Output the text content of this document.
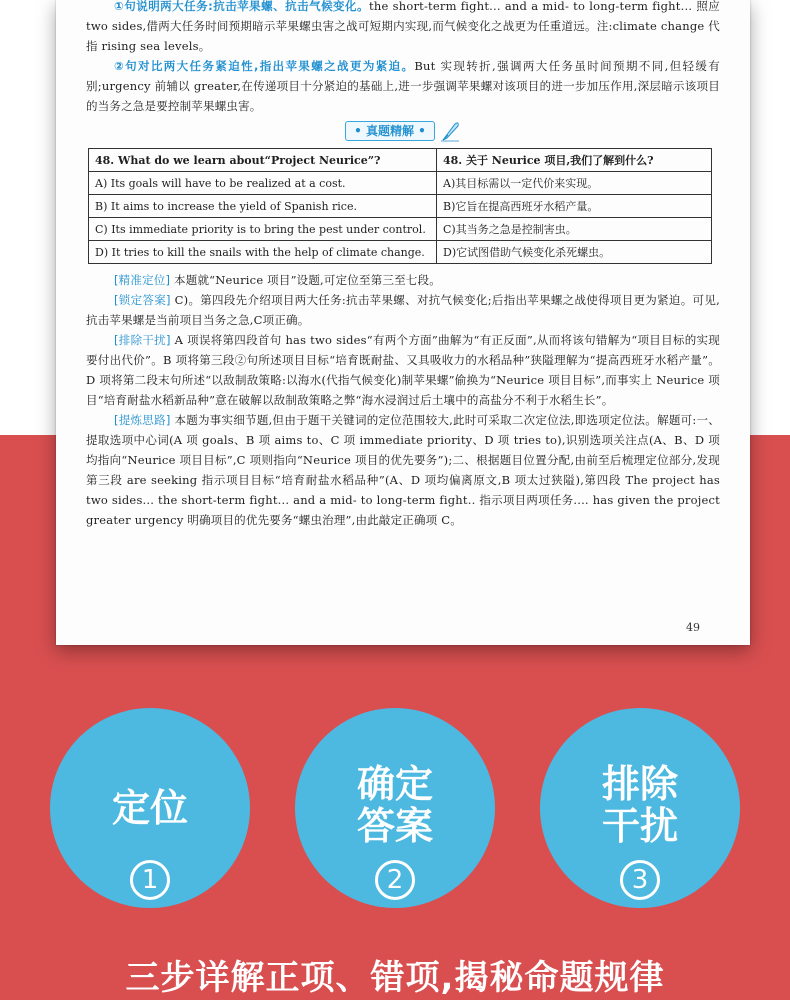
①句说明两大任务:抗击苹果螺、抗击气候变化。the short-term fight... and a mid- to long-term fight... 照应 two sides,借两大任务时间预期暗示苹果螺虫害之战可短期内实现,而气候变化之战更为任重道远。注:climate change 代指 rising sea levels。

②句对比两大任务紧迫性,指出苹果螺之战更为紧迫。But 实现转折,强调两大任务虽时间预期不同,但轻缓有别;urgency 前辅以 greater,在传递项目十分紧迫的基础上,进一步强调苹果螺对该项目的进一步加压作用,深层暗示该项目的当务之急是要控制苹果螺虫害。

• 真题精解 •
48. What do we learn about“Project Neurice”?	48. 关于 Neurice 项目,我们了解到什么?
A) Its goals will have to be realized at a cost.	A)其目标需以一定代价来实现。
B) It aims to increase the yield of Spanish rice.	B)它旨在提高西班牙水稻产量。
C) Its immediate priority is to bring the pest under control.	C)其当务之急是控制害虫。
D) It tries to kill the snails with the help of climate change.	D)它试图借助气候变化杀死螺虫。

[精准定位] 本题就“Neurice 项目”设题,可定位至第三至七段。

[锁定答案] C)。第四段先介绍项目两大任务:抗击苹果螺、对抗气候变化;后指出苹果螺之战使得项目更为紧迫。可见,抗击苹果螺是当前项目当务之急,C项正确。

[排除干扰] A 项误将第四段首句 has two sides“有两个方面”曲解为“有正反面”,从而将该句错解为“项目目标的实现要付出代价”。B 项将第三段②句所述项目目标“培育既耐盐、又具吸收力的水稻品种”狭隘理解为“提高西班牙水稻产量”。D 项将第二段末句所述“以敌制敌策略:以海水(代指气候变化)制苹果螺”偷换为“Neurice 项目目标”,而事实上 Neurice 项目“培育耐盐水稻新品种”意在破解以敌制敌策略之弊“海水浸润过后土壤中的高盐分不利于水稻生长”。

[提炼思路] 本题为事实细节题,但由于题干关键词的定位范围较大,此时可采取二次定位法,即选项定位法。解题可:一、提取选项中心词(A 项 goals、B 项 aims to、C 项 immediate priority、D 项 tries to),识别选项关注点(A、B、D 项均指向“Neurice 项目目标”,C 项则指向“Neurice 项目的优先要务”);二、根据题目位置分配,由前至后梳理定位部分,发现第三段 are seeking 指示项目目标“培育耐盐水稻品种”(A、D 项均偏离原文,B 项太过狭隘),第四段 The project has two sides... the short-term fight... and a mid- to long-term fight.. 指示项目两项任务.... has given the project greater urgency 明确项目的优先要务“螺虫治理”,由此敲定正确项 C。

49
定位
1
确定
答案
2
排除
干扰
3
三步详解正项、错项,揭秘命题规律
